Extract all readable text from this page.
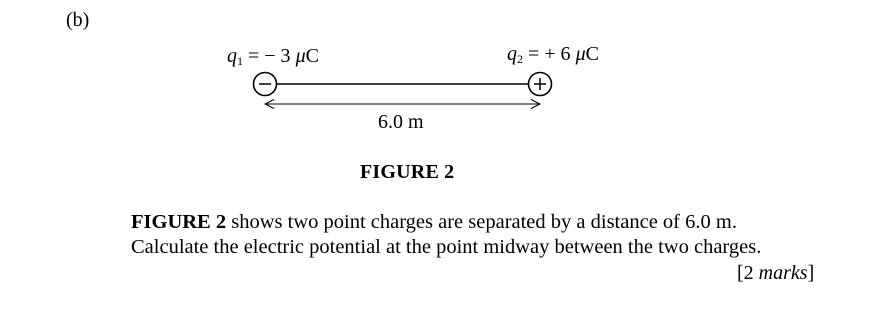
(b)
$q_1$ = − 3 μC	$q_2$ = + 6 μC
6.0 m
FIGURE 2
FIGURE 2 shows two point charges are separated by a distance of 6.0 m.
Calculate the electric potential at the point midway between the two charges.
[2 marks]
